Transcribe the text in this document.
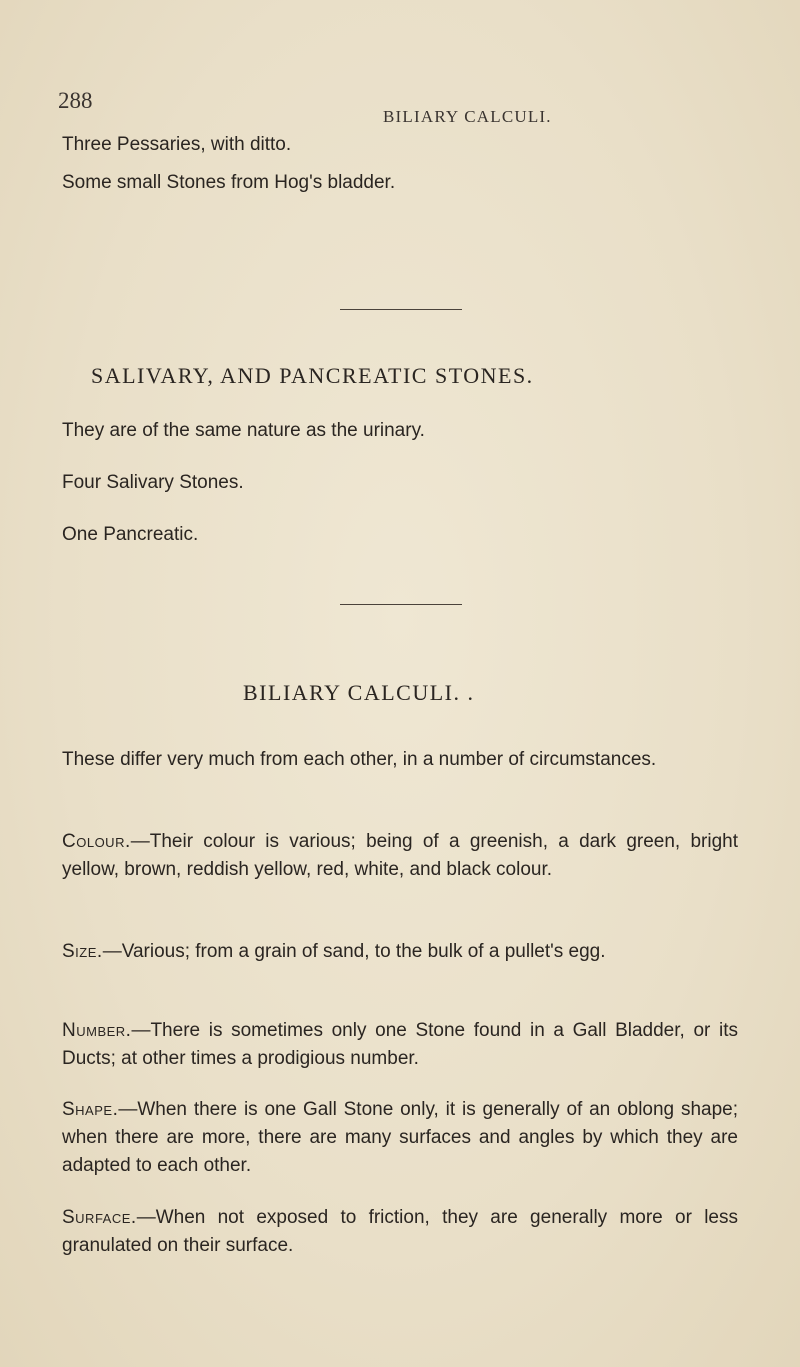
288
BILIARY CALCULI.
Three Pessaries, with ditto.
Some small Stones from Hog's bladder.
SALIVARY, AND PANCREATIC STONES.
They are of the same nature as the urinary.
Four Salivary Stones.
One Pancreatic.
BILIARY CALCULI. .

These differ very much from each other, in a number of circumstances.

Colour.—Their colour is various; being of a greenish, a dark green, bright yellow, brown, reddish yellow, red, white, and black colour.

Size.—Various; from a grain of sand, to the bulk of a pullet's egg.

Number.—There is sometimes only one Stone found in a Gall Bladder, or its Ducts; at other times a prodigious number.

Shape.—When there is one Gall Stone only, it is generally of an oblong shape; when there are more, there are many surfaces and angles by which they are adapted to each other.

Surface.—When not exposed to friction, they are generally more or less granulated on their surface.
